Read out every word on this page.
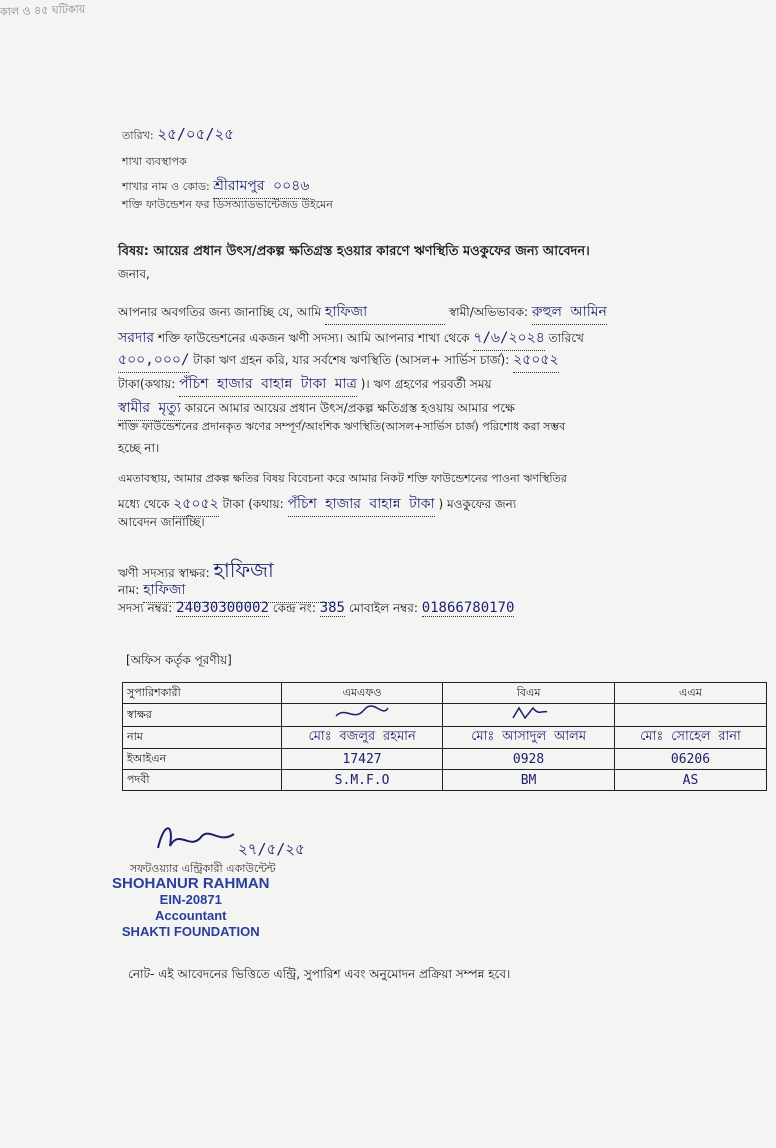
কাল ও ৪৫ ঘটিকায়
তারিখ: ২৫/০৫/২৫
শাখা ব্যবস্থাপক
শাখার নাম ও কোড: শ্রীরামপুর ০০৪৬
শক্তি ফাউন্ডেশন ফর ডিসঅ্যাডভান্টেজড উইমেন
বিষয়: আয়ের প্রধান উৎস/প্রকল্প ক্ষতিগ্রস্ত হওয়ার কারণে ঋণস্থিতি মওকুফের জন্য আবেদন।
জনাব,
আপনার অবগতির জন্য জানাচ্ছি যে, আমি হাফিজা	স্বামী/অভিভাবক: রুহুল আমিন
সরদার শক্তি ফাউন্ডেশনের একজন ঋণী সদস্য। আমি আপনার শাখা থেকে ৭/৬/২০২৪ তারিখে
৫০০,০০০/ টাকা ঋণ গ্রহন করি, যার সর্বশেষ ঋণস্থিতি (আসল+ সার্ভিস চার্জ): ২৫০৫২
টাকা(কথায়: পঁচিশ হাজার বাহান্ন টাকা মাত্র )। ঋণ গ্রহণের পরবর্তী সময়
স্বামীর মৃত্যু কারনে আমার আয়ের প্রধান উৎস/প্রকল্প ক্ষতিগ্রস্ত হওয়ায় আমার পক্ষে
শক্তি ফাউন্ডেশনের প্রদানকৃত ঋণের সম্পূর্ণ/আংশিক ঋণস্থিতি(আসল+সার্ভিস চার্জ) পরিশোধ করা সম্ভব
হচ্ছে না।
এমতাবস্থায়, আমার প্রকল্প ক্ষতির বিষয় বিবেচনা করে আমার নিকট শক্তি ফাউন্ডেশনের পাওনা ঋণস্থিতির
মধ্যে থেকে ২৫০৫২ টাকা (কথায়: পঁচিশ হাজার বাহান্ন টাকা ) মওকুফের জন্য
আবেদন জানাচ্ছি।
ঋণী সদস্যর স্বাক্ষর: হাফিজা
নাম: হাফিজা
সদস্য নম্বর: 24030300002 কেন্দ্র নং: 385 মোবাইল নম্বর: 01866780170
[অফিস কর্তৃক পূরণীয়]
সুপারিশকারী	এমএফও	বিএম	এএম
স্বাক্ষর			
নাম	মোঃ বজলুর রহমান	মোঃ আসাদুল আলম	মোঃ সোহেল রানা
ইআইএন	17427	0928	06206
পদবী	S.M.F.O	BM	AS
২৭/৫/২৫
সফটওয়্যার এন্ট্রিকারী একাউন্টেন্ট
SHOHANUR RAHMAN
EIN-20871
Accountant
SHAKTI FOUNDATION
নোট- এই আবেদনের ভিত্তিতে এন্ট্রি, সুপারিশ এবং অনুমোদন প্রক্রিয়া সম্পন্ন হবে।
